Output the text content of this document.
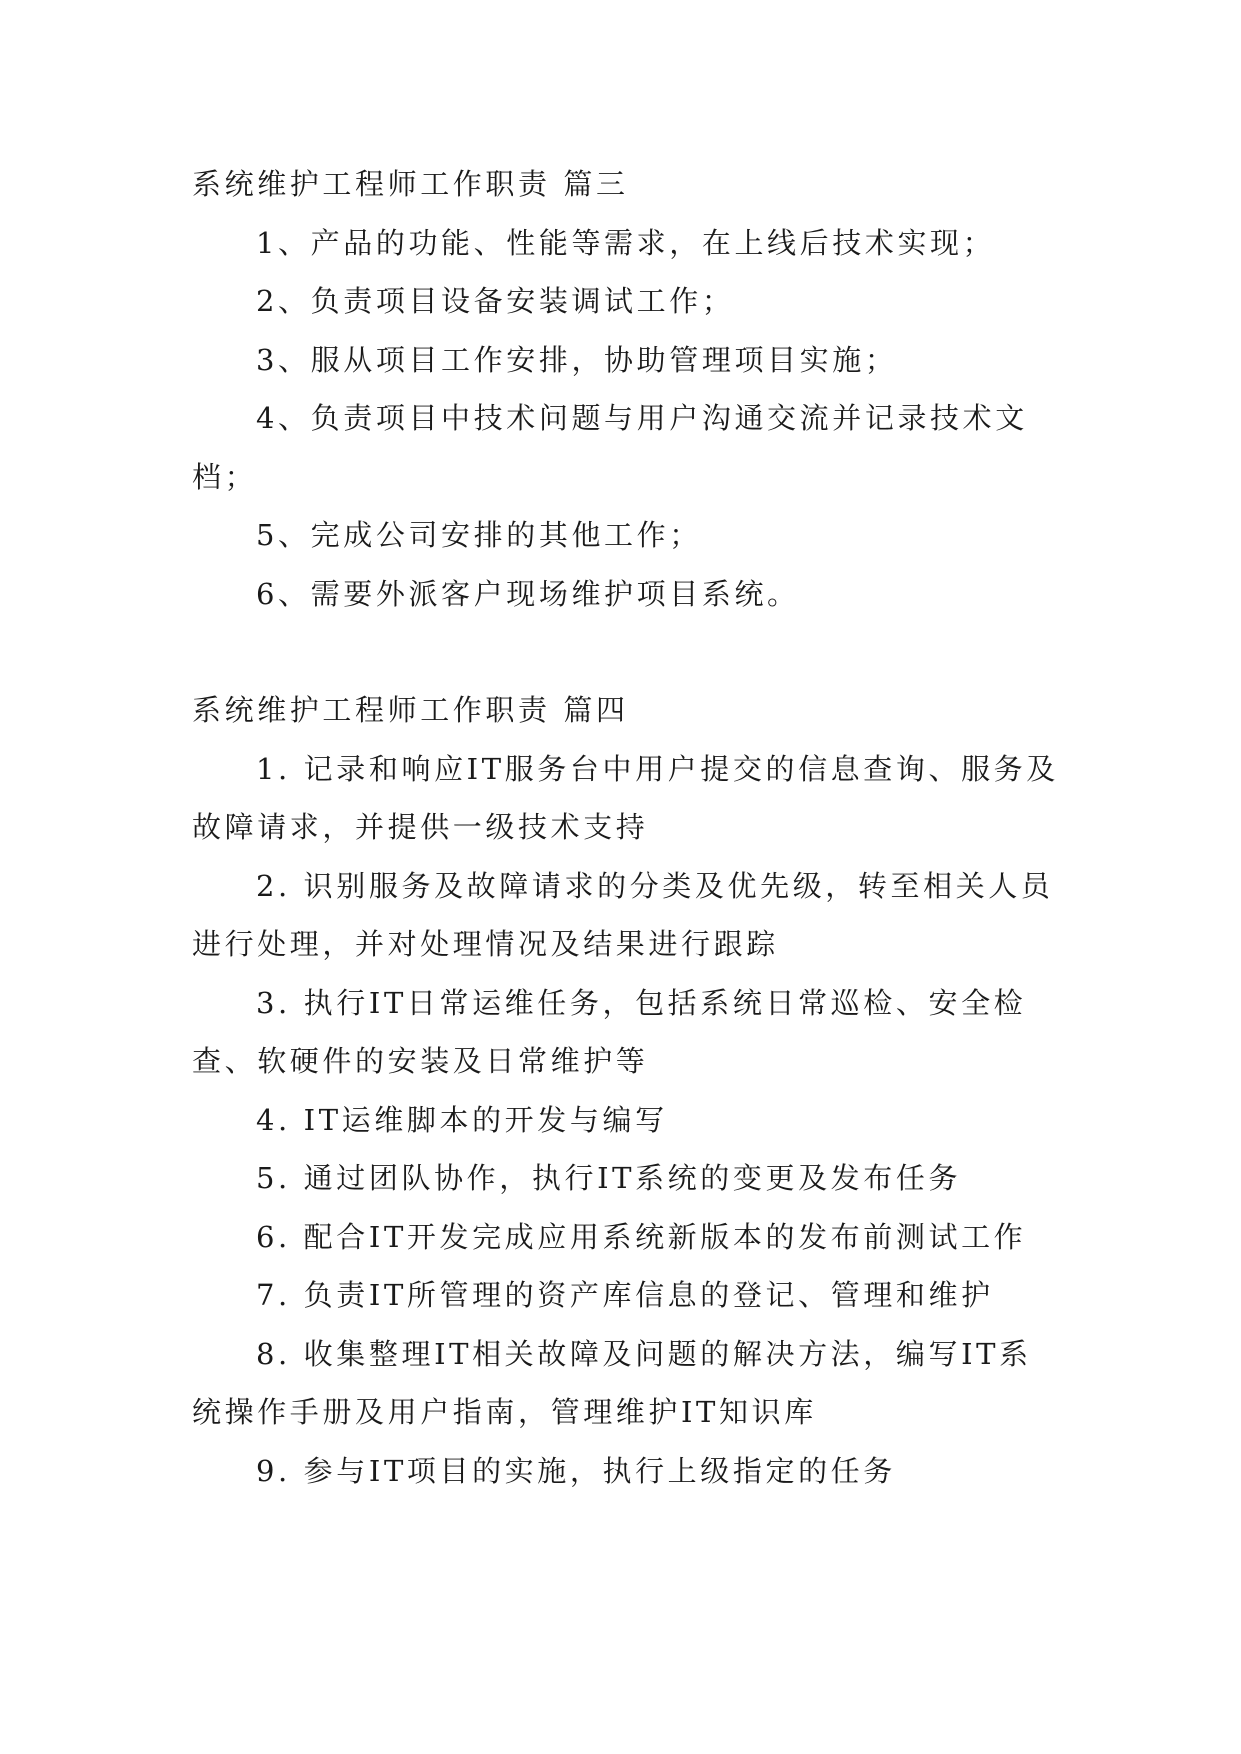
系统维护工程师工作职责 篇三

1、产品的功能、性能等需求，在上线后技术实现；

2、负责项目设备安装调试工作；

3、服从项目工作安排，协助管理项目实施；

4、负责项目中技术问题与用户沟通交流并记录技术文档；

5、完成公司安排的其他工作；

6、需要外派客户现场维护项目系统。

系统维护工程师工作职责 篇四

1. 记录和响应IT服务台中用户提交的信息查询、服务及故障请求，并提供一级技术支持

2. 识别服务及故障请求的分类及优先级，转至相关人员进行处理，并对处理情况及结果进行跟踪

3. 执行IT日常运维任务，包括系统日常巡检、安全检查、软硬件的安装及日常维护等

4. IT运维脚本的开发与编写

5. 通过团队协作，执行IT系统的变更及发布任务

6. 配合IT开发完成应用系统新版本的发布前测试工作

7. 负责IT所管理的资产库信息的登记、管理和维护

8. 收集整理IT相关故障及问题的解决方法，编写IT系统操作手册及用户指南，管理维护IT知识库

9. 参与IT项目的实施，执行上级指定的任务
